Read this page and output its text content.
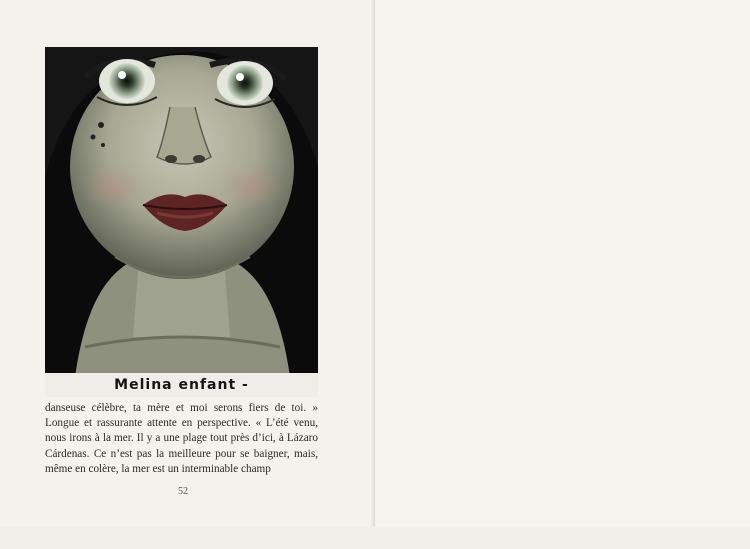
Melina enfant -

danseuse célèbre, ta mère et moi serons fiers de toi. » Longue et rassurante attente en perspective. « L’été venu, nous irons à la mer. Il y a une plage tout près d’ici, à Lázaro Cárdenas. Ce n’est pas la meilleure pour se baigner, mais, même en colère, la mer est un interminable champ

52
